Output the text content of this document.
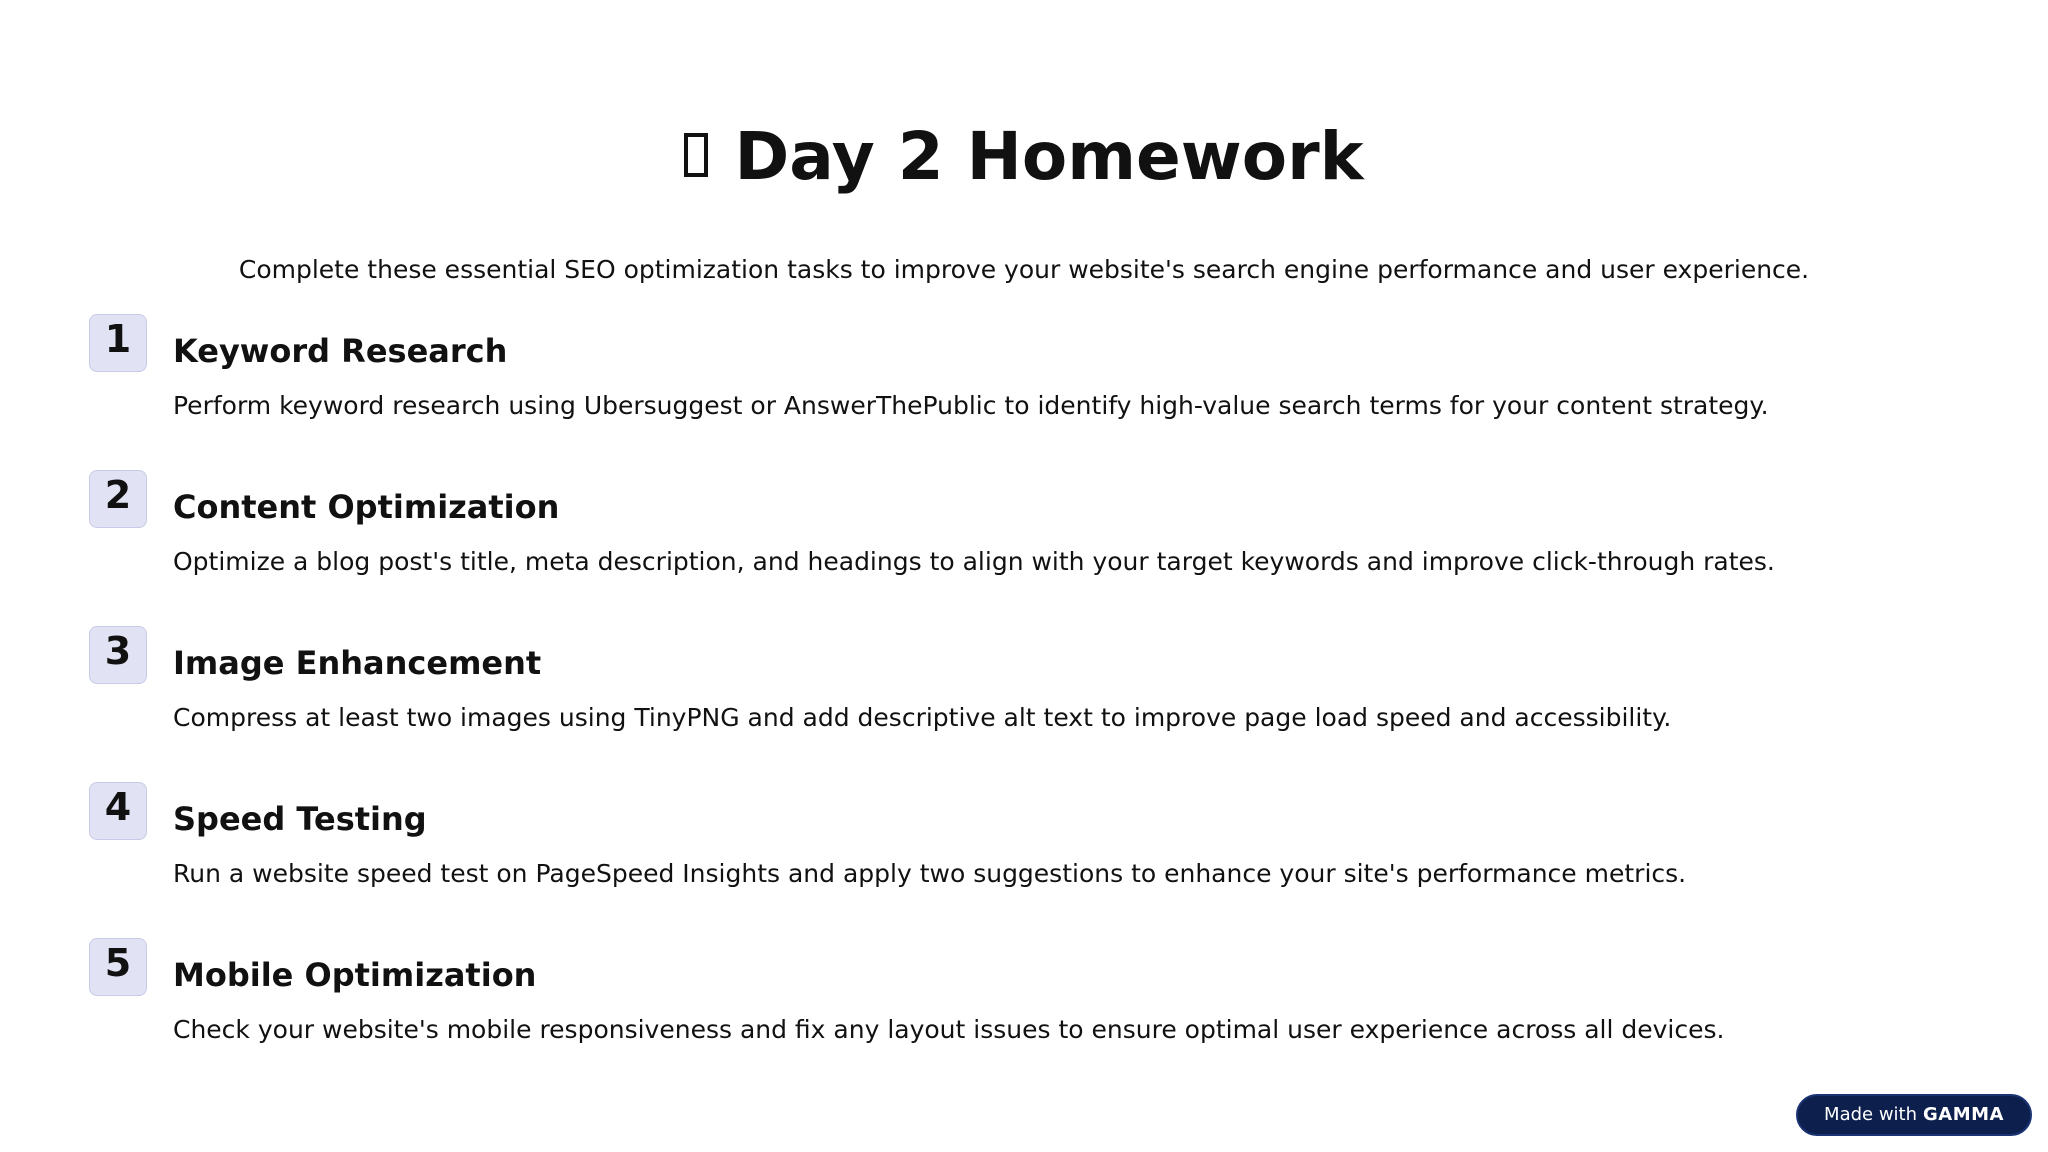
Day 2 Homework
Complete these essential SEO optimization tasks to improve your website's search engine performance and user experience.
1	Keyword Research
Perform keyword research using Ubersuggest or AnswerThePublic to identify high-value search terms for your content strategy.
2	Content Optimization
Optimize a blog post's title, meta description, and headings to align with your target keywords and improve click-through rates.
3	Image Enhancement
Compress at least two images using TinyPNG and add descriptive alt text to improve page load speed and accessibility.
4	Speed Testing
Run a website speed test on PageSpeed Insights and apply two suggestions to enhance your site's performance metrics.
5	Mobile Optimization
Check your website's mobile responsiveness and fix any layout issues to ensure optimal user experience across all devices.
Made with GAMMA
